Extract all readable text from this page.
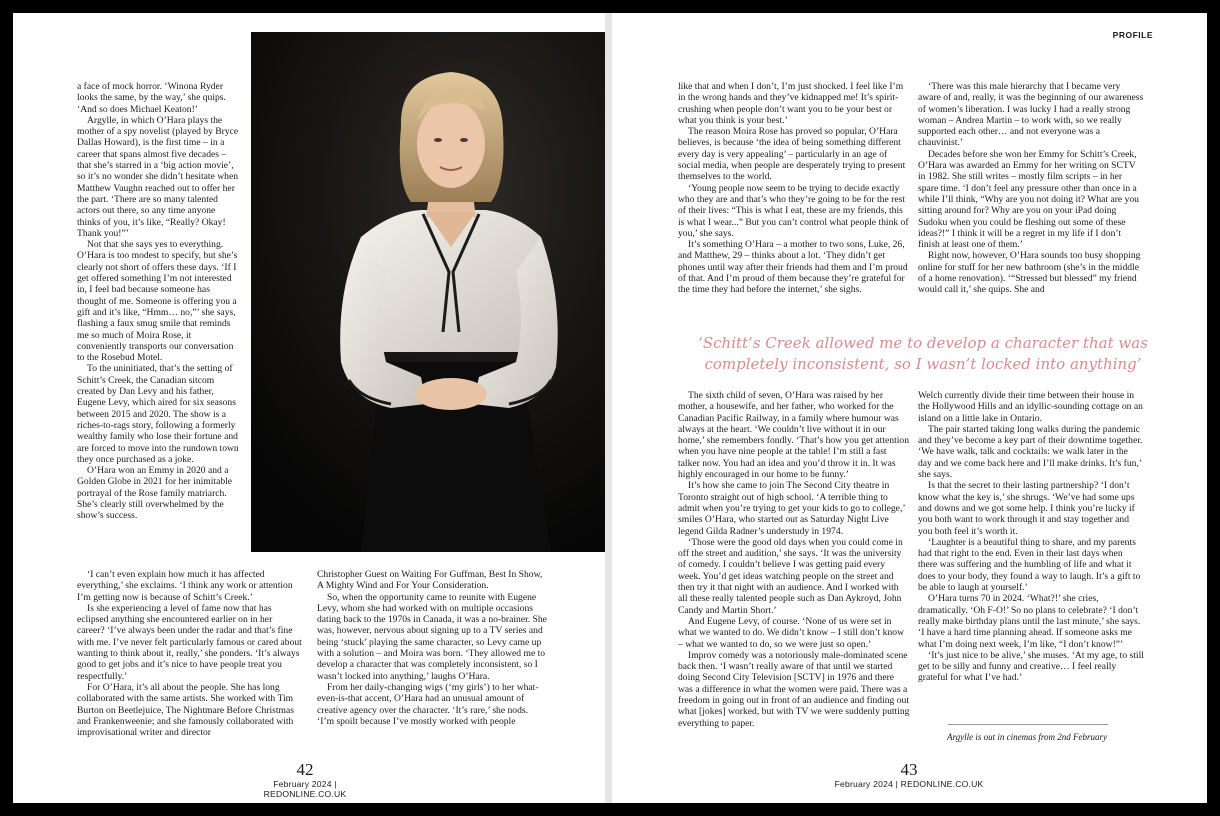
a face of mock horror. ‘Winona Ryder looks the same, by the way,’ she quips. ‘And so does Michael Keaton!’

Argylle, in which O’Hara plays the mother of a spy novelist (played by Bryce Dallas Howard), is the first time – in a career that spans almost five decades – that she’s starred in a ‘big action movie’, so it’s no wonder she didn’t hesitate when Matthew Vaughn reached out to offer her the part. ‘There are so many talented actors out there, so any time anyone thinks of you, it’s like, “Really? Okay! Thank you!”’

Not that she says yes to everything. O’Hara is too modest to specify, but she’s clearly not short of offers these days. ‘If I get offered something I’m not interested in, I feel bad because someone has thought of me. Someone is offering you a gift and it’s like, “Hmm… no,”’ she says, flashing a faux smug smile that reminds me so much of Moira Rose, it conveniently transports our conversation to the Rosebud Motel.

To the uninitiated, that’s the setting of Schitt’s Creek, the Canadian sitcom created by Dan Levy and his father, Eugene Levy, which aired for six seasons between 2015 and 2020. The show is a riches-to-rags story, following a formerly wealthy family who lose their fortune and are forced to move into the rundown town they once purchased as a joke.

O’Hara won an Emmy in 2020 and a Golden Globe in 2021 for her inimitable portrayal of the Rose family matriarch. She’s clearly still overwhelmed by the show’s success.

‘I can’t even explain how much it has affected everything,’ she exclaims. ‘I think any work or attention I’m getting now is because of Schitt’s Creek.’

Is she experiencing a level of fame now that has eclipsed anything she encountered earlier on in her career? ‘I’ve always been under the radar and that’s fine with me. I’ve never felt particularly famous or cared about wanting to think about it, really,’ she ponders. ‘It’s always good to get jobs and it’s nice to have people treat you respectfully.’

For O’Hara, it’s all about the people. She has long collaborated with the same artists. She worked with Tim Burton on Beetlejuice, The Nightmare Before Christmas and Frankenweenie; and she famously collaborated with improvisational writer and director

Christopher Guest on Waiting For Guffman, Best In Show, A Mighty Wind and For Your Consideration.

So, when the opportunity came to reunite with Eugene Levy, whom she had worked with on multiple occasions dating back to the 1970s in Canada, it was a no-brainer. She was, however, nervous about signing up to a TV series and being ‘stuck’ playing the same character, so Levy came up with a solution – and Moira was born. ‘They allowed me to develop a character that was completely inconsistent, so I wasn’t locked into anything,’ laughs O’Hara.

From her daily-changing wigs (‘my girls’) to her what-even-is-that accent, O’Hara had an unusual amount of creative agency over the character. ‘It’s rare,’ she nods. ‘I’m spoilt because I’ve mostly worked with people

42
February 2024 | REDONLINE.CO.UK
PROFILE

like that and when I don’t, I’m just shocked. I feel like I’m in the wrong hands and they’ve kidnapped me! It’s spirit-crushing when people don’t want you to be your best or what you think is your best.’

The reason Moira Rose has proved so popular, O’Hara believes, is because ‘the idea of being something different every day is very appealing’ – particularly in an age of social media, when people are desperately trying to present themselves to the world.

‘Young people now seem to be trying to decide exactly who they are and that’s who they’re going to be for the rest of their lives: “This is what I eat, these are my friends, this is what I wear...” But you can’t control what people think of you,’ she says.

It’s something O’Hara – a mother to two sons, Luke, 26, and Matthew, 29 – thinks about a lot. ‘They didn’t get phones until way after their friends had them and I’m proud of that. And I’m proud of them because they’re grateful for the time they had before the internet,’ she sighs.

‘There was this male hierarchy that I became very aware of and, really, it was the beginning of our awareness of women’s liberation. I was lucky I had a really strong woman – Andrea Martin – to work with, so we really supported each other… and not everyone was a chauvinist.’

Decades before she won her Emmy for Schitt’s Creek, O’Hara was awarded an Emmy for her writing on SCTV in 1982. She still writes – mostly film scripts – in her spare time. ‘I don’t feel any pressure other than once in a while I’ll think, “Why are you not doing it? What are you sitting around for? Why are you on your iPad doing Sudoku when you could be fleshing out some of these ideas?!” I think it will be a regret in my life if I don’t finish at least one of them.’

Right now, however, O’Hara sounds too busy shopping online for stuff for her new bathroom (she’s in the middle of a home renovation). ‘“Stressed but blessed” my friend would call it,’ she quips. She and

‘Schitt’s Creek allowed me to develop a character that was completely inconsistent, so I wasn’t locked into anything’

The sixth child of seven, O’Hara was raised by her mother, a housewife, and her father, who worked for the Canadian Pacific Railway, in a family where humour was always at the heart. ‘We couldn’t live without it in our home,’ she remembers fondly. ‘That’s how you get attention when you have nine people at the table! I’m still a fast talker now. You had an idea and you’d throw it in. It was highly encouraged in our home to be funny.’

It’s how she came to join The Second City theatre in Toronto straight out of high school. ‘A terrible thing to admit when you’re trying to get your kids to go to college,’ smiles O’Hara, who started out as Saturday Night Live legend Gilda Radner’s understudy in 1974.

‘Those were the good old days when you could come in off the street and audition,’ she says. ‘It was the university of comedy. I couldn’t believe I was getting paid every week. You’d get ideas watching people on the street and then try it that night with an audience. And I worked with all these really talented people such as Dan Aykroyd, John Candy and Martin Short.’

And Eugene Levy, of course. ‘None of us were set in what we wanted to do. We didn’t know – I still don’t know – what we wanted to do, so we were just so open.’

Improv comedy was a notoriously male-dominated scene back then. ‘I wasn’t really aware of that until we started doing Second City Television [SCTV] in 1976 and there was a difference in what the women were paid. There was a freedom in going out in front of an audience and finding out what [jokes] worked, but with TV we were suddenly putting everything to paper.

Welch currently divide their time between their house in the Hollywood Hills and an idyllic-sounding cottage on an island on a little lake in Ontario.

The pair started taking long walks during the pandemic and they’ve become a key part of their downtime together. ‘We have walk, talk and cocktails: we walk later in the day and we come back here and I’ll make drinks. It’s fun,’ she says.

Is that the secret to their lasting partnership? ‘I don’t know what the key is,’ she shrugs. ‘We’ve had some ups and downs and we got some help. I think you’re lucky if you both want to work through it and stay together and you both feel it’s worth it.

‘Laughter is a beautiful thing to share, and my parents had that right to the end. Even in their last days when there was suffering and the humbling of life and what it does to your body, they found a way to laugh. It’s a gift to be able to laugh at yourself.’

O’Hara turns 70 in 2024. ‘What?!’ she cries, dramatically. ‘Oh F-O!’ So no plans to celebrate? ‘I don’t really make birthday plans until the last minute,’ she says. ‘I have a hard time planning ahead. If someone asks me what I’m doing next week, I’m like, “I don’t know!”’

‘It’s just nice to be alive,’ she muses. ‘At my age, to still get to be silly and funny and creative… I feel really grateful for what I’ve had.’

Argylle is out in cinemas from 2nd February
43
February 2024 | REDONLINE.CO.UK
